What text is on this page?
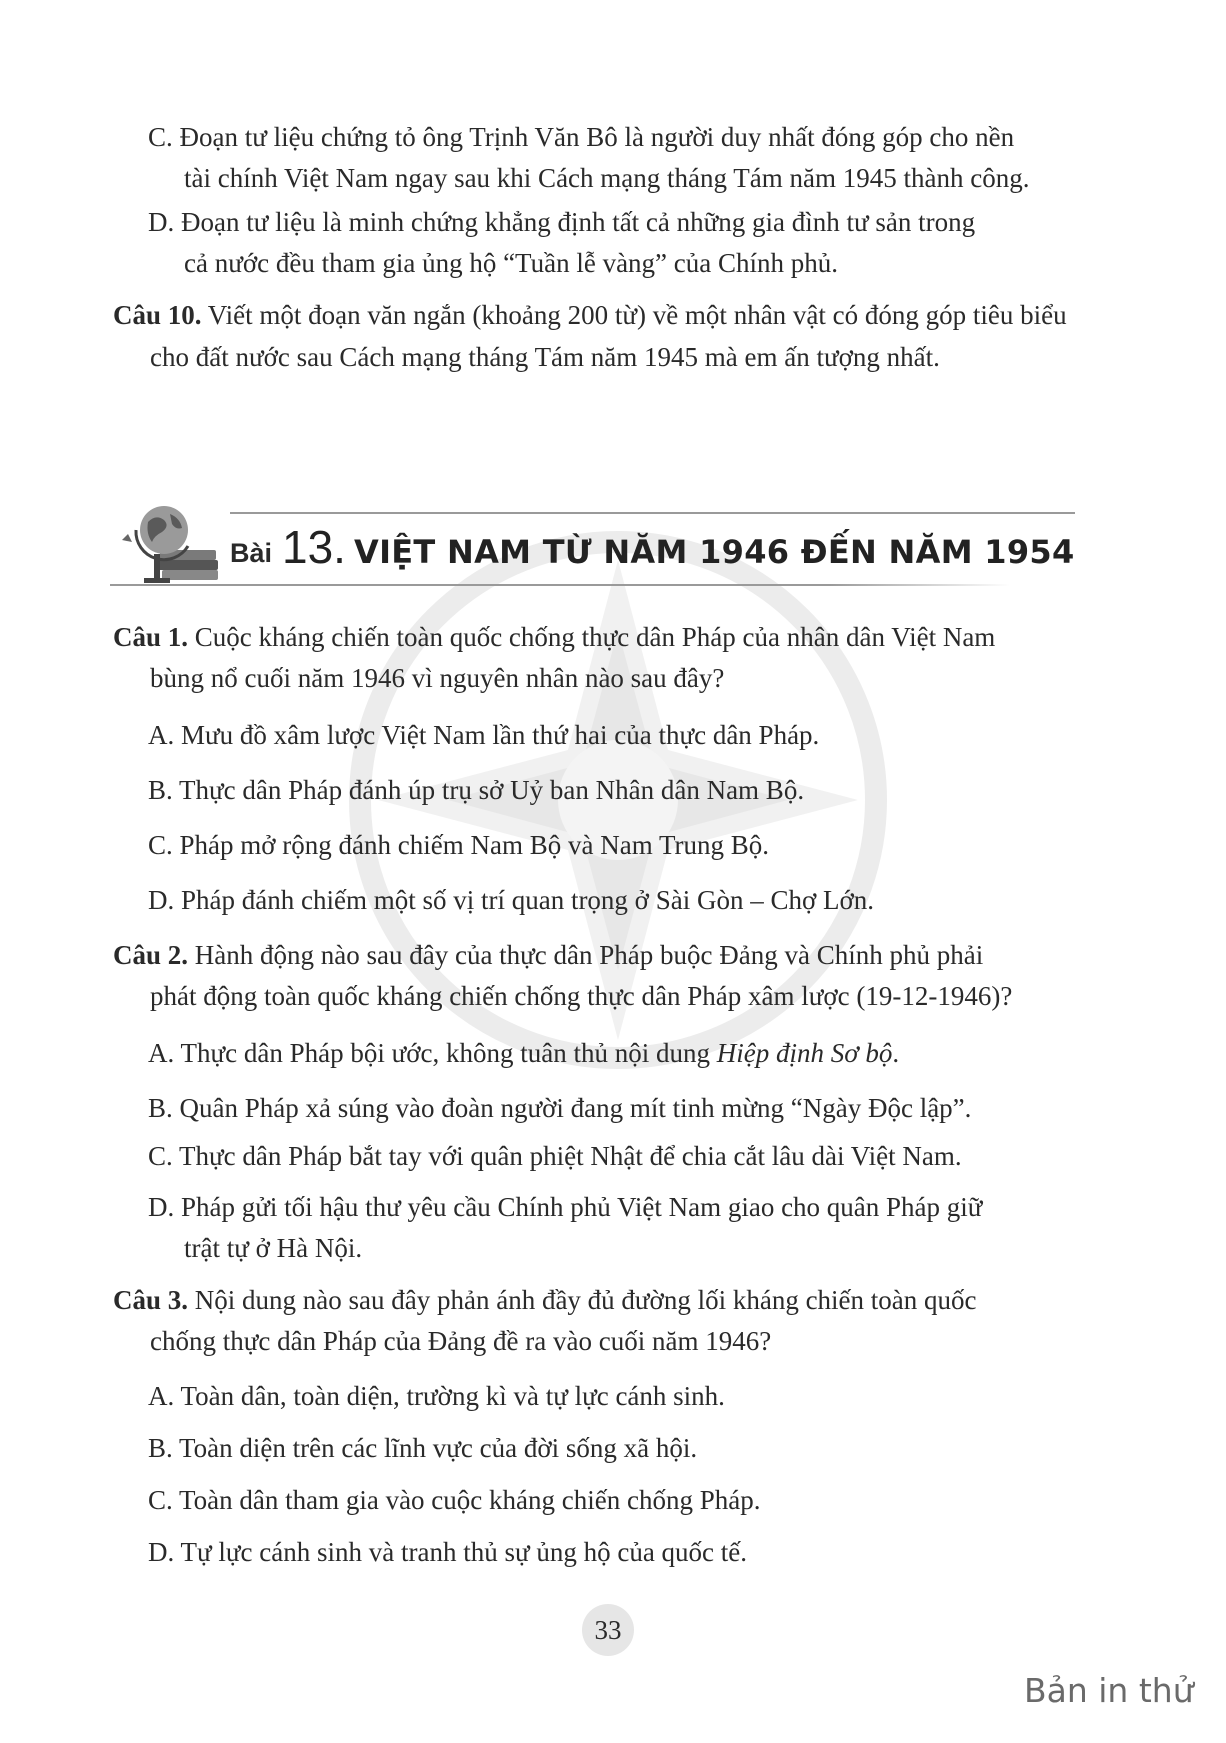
C. Đoạn tư liệu chứng tỏ ông Trịnh Văn Bô là người duy nhất đóng góp cho nền
tài chính Việt Nam ngay sau khi Cách mạng tháng Tám năm 1945 thành công.
D. Đoạn tư liệu là minh chứng khẳng định tất cả những gia đình tư sản trong
cả nước đều tham gia ủng hộ “Tuần lễ vàng” của Chính phủ.
Câu 10. Viết một đoạn văn ngắn (khoảng 200 từ) về một nhân vật có đóng góp tiêu biểu
cho đất nước sau Cách mạng tháng Tám năm 1945 mà em ấn tượng nhất.
Bài 13. VIỆT NAM TỪ NĂM 1946 ĐẾN NĂM 1954
Câu 1. Cuộc kháng chiến toàn quốc chống thực dân Pháp của nhân dân Việt Nam
bùng nổ cuối năm 1946 vì nguyên nhân nào sau đây?
A. Mưu đồ xâm lược Việt Nam lần thứ hai của thực dân Pháp.
B. Thực dân Pháp đánh úp trụ sở Uỷ ban Nhân dân Nam Bộ.
C. Pháp mở rộng đánh chiếm Nam Bộ và Nam Trung Bộ.
D. Pháp đánh chiếm một số vị trí quan trọng ở Sài Gòn – Chợ Lớn.
Câu 2. Hành động nào sau đây của thực dân Pháp buộc Đảng và Chính phủ phải
phát động toàn quốc kháng chiến chống thực dân Pháp xâm lược (19-12-1946)?
A. Thực dân Pháp bội ước, không tuân thủ nội dung Hiệp định Sơ bộ.
B. Quân Pháp xả súng vào đoàn người đang mít tinh mừng “Ngày Độc lập”.
C. Thực dân Pháp bắt tay với quân phiệt Nhật để chia cắt lâu dài Việt Nam.
D. Pháp gửi tối hậu thư yêu cầu Chính phủ Việt Nam giao cho quân Pháp giữ
trật tự ở Hà Nội.
Câu 3. Nội dung nào sau đây phản ánh đầy đủ đường lối kháng chiến toàn quốc
chống thực dân Pháp của Đảng đề ra vào cuối năm 1946?
A. Toàn dân, toàn diện, trường kì và tự lực cánh sinh.
B. Toàn diện trên các lĩnh vực của đời sống xã hội.
C. Toàn dân tham gia vào cuộc kháng chiến chống Pháp.
D. Tự lực cánh sinh và tranh thủ sự ủng hộ của quốc tế.
33
Bản in thử
